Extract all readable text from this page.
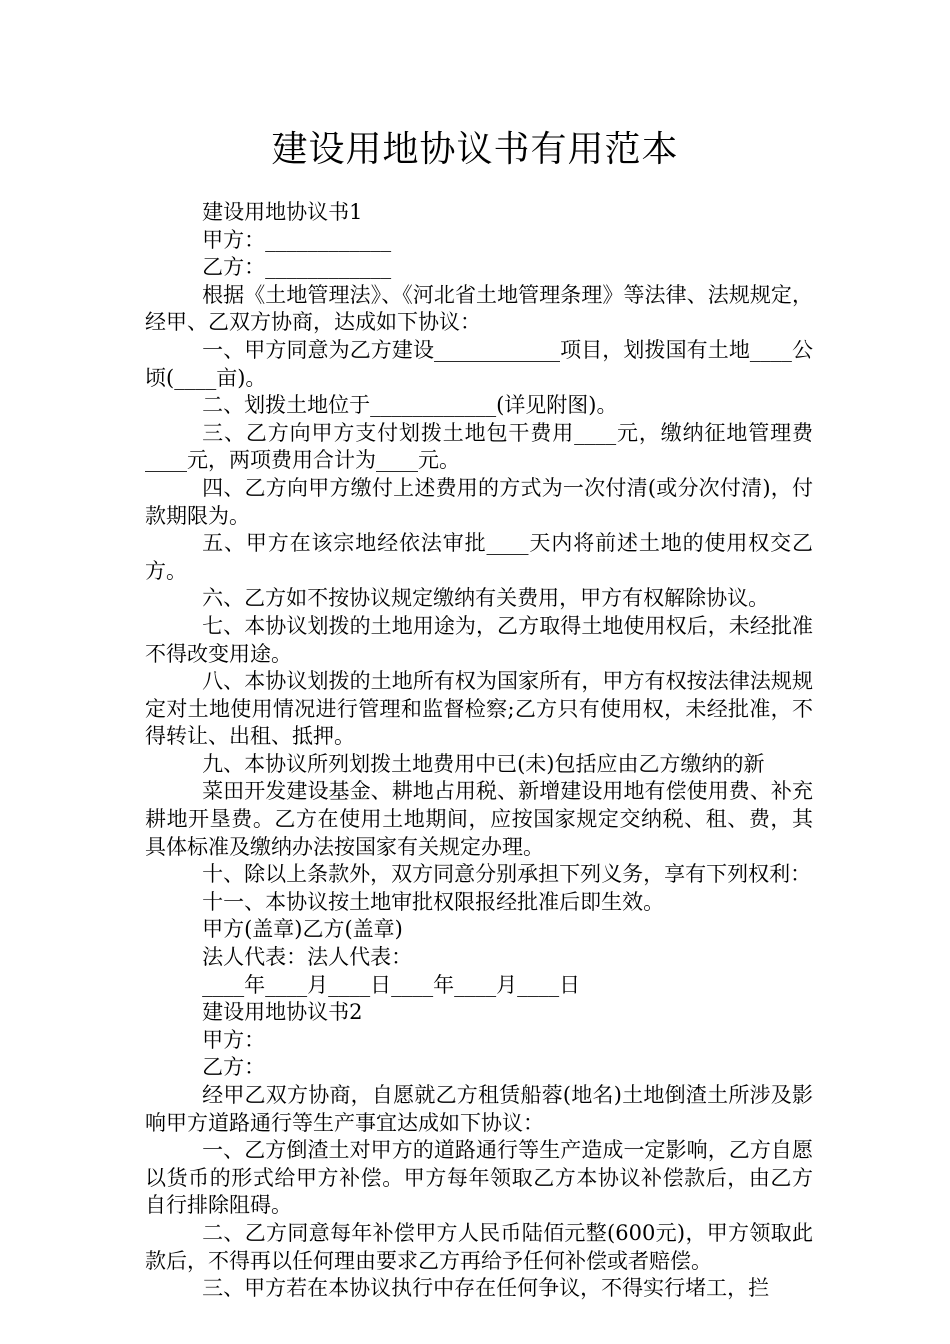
建设用地协议书有用范本

建设用地协议书1

甲方：____________

乙方：____________

根据《土地管理法》、《河北省土地管理条理》等法律、法规规定，经甲、乙双方协商，达成如下协议：

一、甲方同意为乙方建设____________项目，划拨国有土地____公顷(____亩)。

二、划拨土地位于____________(详见附图)。

三、乙方向甲方支付划拨土地包干费用____元，缴纳征地管理费____元，两项费用合计为____元。

四、乙方向甲方缴付上述费用的方式为一次付清(或分次付清)，付款期限为。

五、甲方在该宗地经依法审批____天内将前述土地的使用权交乙方。

六、乙方如不按协议规定缴纳有关费用，甲方有权解除协议。

七、本协议划拨的土地用途为，乙方取得土地使用权后，未经批准不得改变用途。

八、本协议划拨的土地所有权为国家所有，甲方有权按法律法规规定对土地使用情况进行管理和监督检察;乙方只有使用权，未经批准，不得转让、出租、抵押。

九、本协议所列划拨土地费用中已(未)包括应由乙方缴纳的新

菜田开发建设基金、耕地占用税、新增建设用地有偿使用费、补充耕地开垦费。乙方在使用土地期间，应按国家规定交纳税、租、费，其具体标准及缴纳办法按国家有关规定办理。

十、除以上条款外，双方同意分别承担下列义务，享有下列权利：

十一、本协议按土地审批权限报经批准后即生效。

甲方(盖章)乙方(盖章)

法人代表：法人代表：

____年____月____日____年____月____日

建设用地协议书2

甲方：

乙方：

经甲乙双方协商，自愿就乙方租赁船蓉(地名)土地倒渣土所涉及影响甲方道路通行等生产事宜达成如下协议：

一、乙方倒渣土对甲方的道路通行等生产造成一定影响，乙方自愿以货币的形式给甲方补偿。甲方每年领取乙方本协议补偿款后，由乙方自行排除阻碍。

二、乙方同意每年补偿甲方人民币陆佰元整(600元)，甲方领取此款后，不得再以任何理由要求乙方再给予任何补偿或者赔偿。

三、甲方若在本协议执行中存在任何争议，不得实行堵工，拦
